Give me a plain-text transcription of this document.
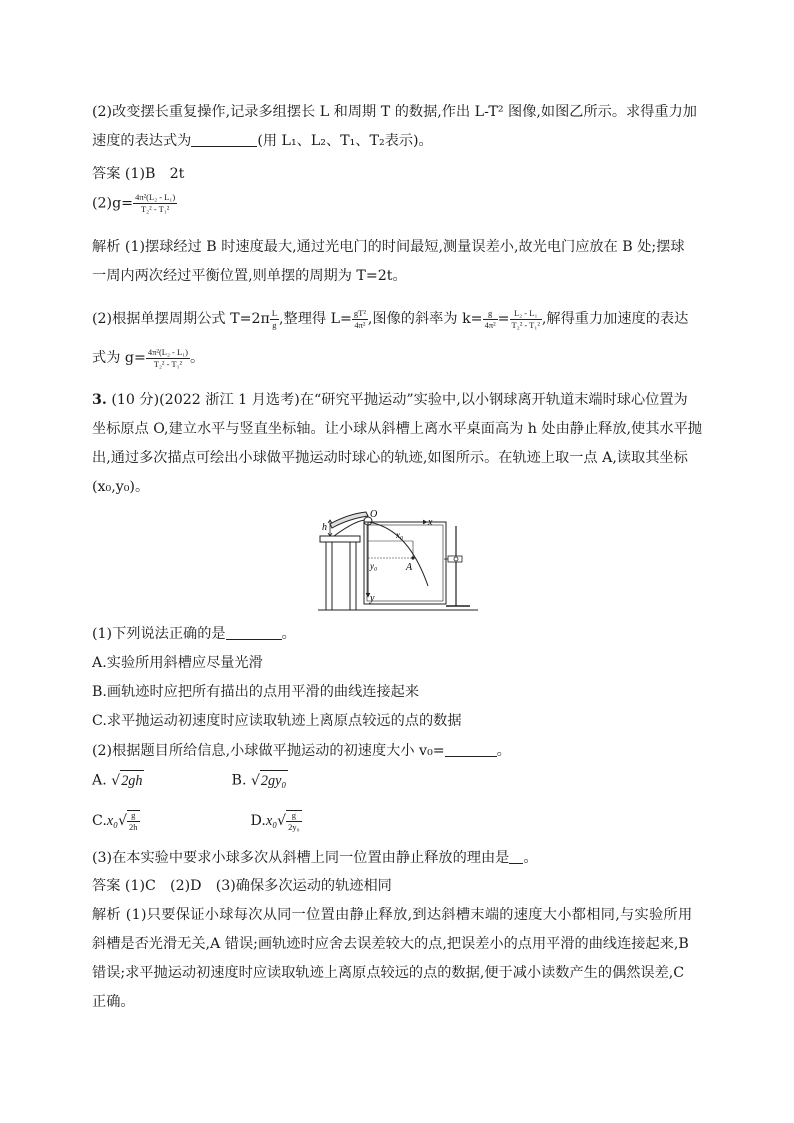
(2)改变摆长重复操作,记录多组摆长 L 和周期 T 的数据,作出 L-T² 图像,如图乙所示。求得重力加
速度的表达式为	(用 L₁、L₂、T₁、T₂表示)。
答案 (1)B　2t
$(2)g= \frac{\text{4π²(L₂ - L₁)}}{\text{T₂² - T₁²}}$
解析 (1)摆球经过 B 时速度最大,通过光电门的时间最短,测量误差小,故光电门应放在 B 处;摆球
一周内两次经过平衡位置,则单摆的周期为 T=2t。
(2)根据单摆周期公式 $T=2\pi \frac{L}{g}$ ,整理得 $L= \frac{\text{gT²}}{\text{4π²}}$ ,图像的斜率为 $k= \frac{g}{\text{4π²}} = \frac{\text{L₂ - L₁}}{\text{T₂² - T₁²}}$ ,解得重力加速度的表达
式为 $g= \frac{\text{4π²(L₂ - L₁)}}{\text{T₂² - T₁²}}$ 。
3. (10 分)(2022 浙江 1 月选考)在“研究平抛运动”实验中,以小钢球离开轨道末端时球心位置为
坐标原点 O,建立水平与竖直坐标轴。让小球从斜槽上离水平桌面高为 h 处由静止释放,使其水平抛
出,通过多次描点可绘出小球做平抛运动时球心的轨迹,如图所示。在轨迹上取一点 A,读取其坐标
(x₀,y₀)。
h
O
x
y
x₀
y₀	A
(1)下列说法正确的是	。
A.实验所用斜槽应尽量光滑
B.画轨迹时应把所有描出的点用平滑的曲线连接起来
C.求平抛运动初速度时应读取轨迹上离原点较远的点的数据
(2)根据题目所给信息,小球做平抛运动的初速度大小 v₀=	。
A. √2gh	B. √2gy₀
$C.x_0√ \frac{g}{2h}$	$D.x_0√ \frac{g}{\text{2y₀}}$
(3)在本实验中要求小球多次从斜槽上同一位置由静止释放的理由是 。
答案 (1)C　(2)D　(3)确保多次运动的轨迹相同
解析 (1)只要保证小球每次从同一位置由静止释放,到达斜槽末端的速度大小都相同,与实验所用
斜槽是否光滑无关,A 错误;画轨迹时应舍去误差较大的点,把误差小的点用平滑的曲线连接起来,B
错误;求平抛运动初速度时应读取轨迹上离原点较远的点的数据,便于减小读数产生的偶然误差,C
正确。
